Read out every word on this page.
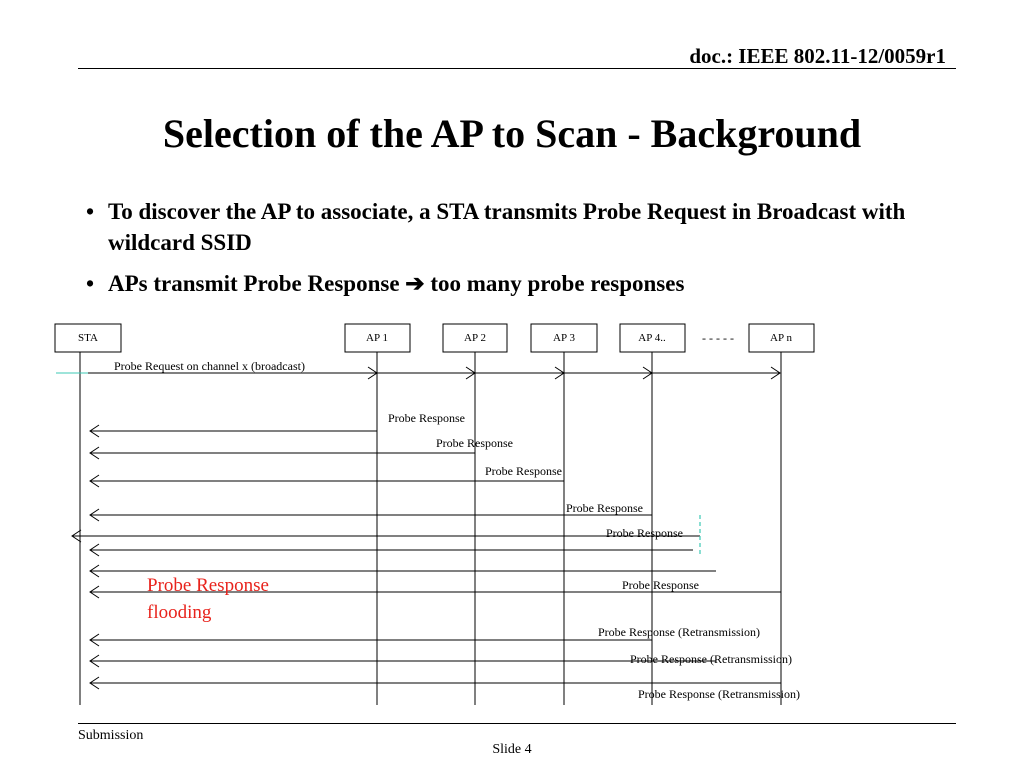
doc.: IEEE 802.11-12/0059r1
Selection of the AP to Scan - Background
• To discover the AP to associate, a STA transmits Probe Request in Broadcast with wildcard SSID
• APs transmit Probe Response ➔ too many probe responses
STA	AP 1	AP 2	AP 3	AP 4..	- - - - -	AP n
Probe Request on channel x (broadcast)
Probe Response
Probe Response
Probe Response
Probe Response
Probe Response
Probe Response
Probe Response (Retransmission)
Probe Response (Retransmission)
Probe Response (Retransmission)
Probe Response
flooding
Submission
Slide 4
